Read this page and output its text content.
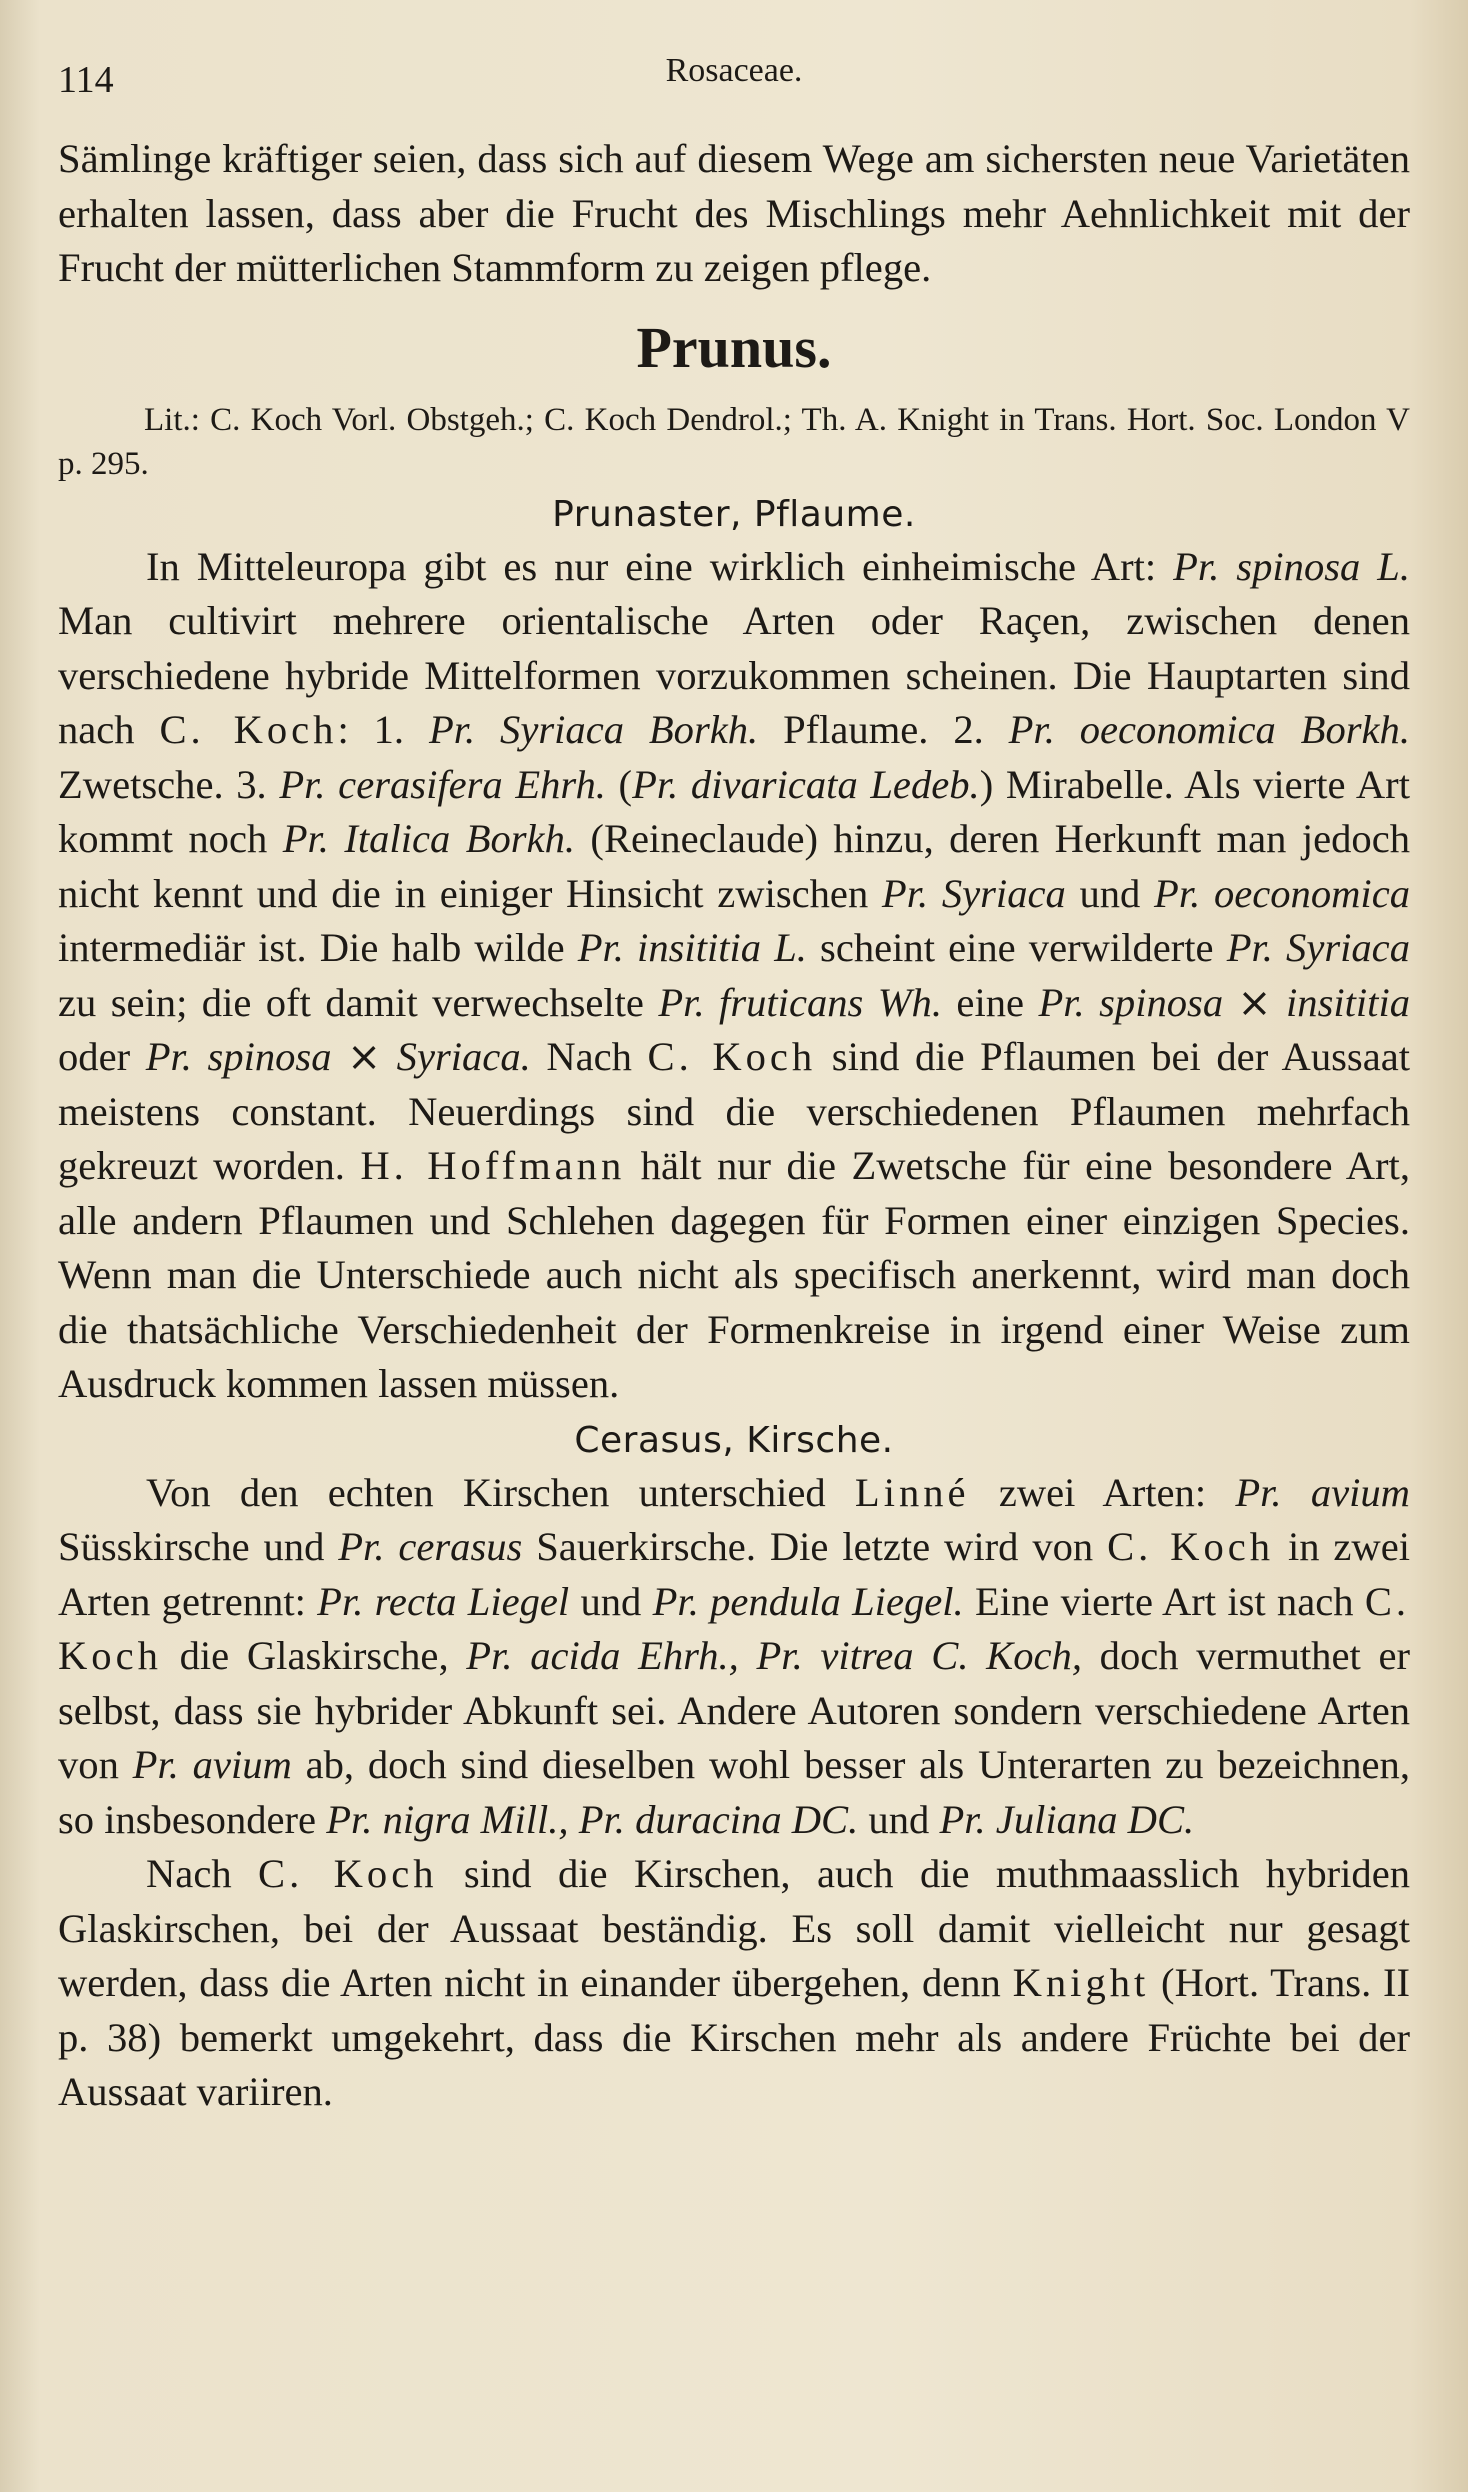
Rosaceae.
114

Sämlinge kräftiger seien, dass sich auf diesem Wege am sichersten neue Varietäten erhalten lassen, dass aber die Frucht des Mischlings mehr Aehnlichkeit mit der Frucht der mütterlichen Stammform zu zeigen pflege.

Prunus.

Lit.: C. Koch Vorl. Obstgeh.; C. Koch Dendrol.; Th. A. Knight in Trans. Hort. Soc. London V p. 295.

Prunaster, Pflaume.

In Mitteleuropa gibt es nur eine wirklich einheimische Art: Pr. spinosa L. Man cultivirt mehrere orientalische Arten oder Raçen, zwischen denen verschiedene hybride Mittelformen vorzukommen scheinen. Die Hauptarten sind nach C. Koch: 1. Pr. Syriaca Borkh. Pflaume. 2. Pr. oeconomica Borkh. Zwetsche. 3. Pr. cerasifera Ehrh. (Pr. divaricata Ledeb.) Mirabelle. Als vierte Art kommt noch Pr. Italica Borkh. (Reineclaude) hinzu, deren Herkunft man jedoch nicht kennt und die in einiger Hinsicht zwischen Pr. Syriaca und Pr. oeconomica intermediär ist. Die halb wilde Pr. insititia L. scheint eine verwilderte Pr. Syriaca zu sein; die oft damit verwechselte Pr. fruticans Wh. eine Pr. spinosa ⨯ insititia oder Pr. spinosa ⨯ Syriaca. Nach C. Koch sind die Pflaumen bei der Aussaat meistens constant. Neuerdings sind die verschiedenen Pflaumen mehrfach gekreuzt worden. H. Hoffmann hält nur die Zwetsche für eine besondere Art, alle andern Pflaumen und Schlehen dagegen für Formen einer einzigen Species. Wenn man die Unterschiede auch nicht als specifisch anerkennt, wird man doch die thatsächliche Verschiedenheit der Formenkreise in irgend einer Weise zum Ausdruck kommen lassen müssen.

Cerasus, Kirsche.

Von den echten Kirschen unterschied Linné zwei Arten: Pr. avium Süsskirsche und Pr. cerasus Sauerkirsche. Die letzte wird von C. Koch in zwei Arten getrennt: Pr. recta Liegel und Pr. pendula Liegel. Eine vierte Art ist nach C. Koch die Glaskirsche, Pr. acida Ehrh., Pr. vitrea C. Koch, doch vermuthet er selbst, dass sie hybrider Abkunft sei. Andere Autoren sondern verschiedene Arten von Pr. avium ab, doch sind dieselben wohl besser als Unterarten zu bezeichnen, so insbesondere Pr. nigra Mill., Pr. duracina DC. und Pr. Juliana DC.

Nach C. Koch sind die Kirschen, auch die muthmaasslich hybriden Glaskirschen, bei der Aussaat beständig. Es soll damit vielleicht nur gesagt werden, dass die Arten nicht in einander übergehen, denn Knight (Hort. Trans. II p. 38) bemerkt umgekehrt, dass die Kirschen mehr als andere Früchte bei der Aussaat variiren.
